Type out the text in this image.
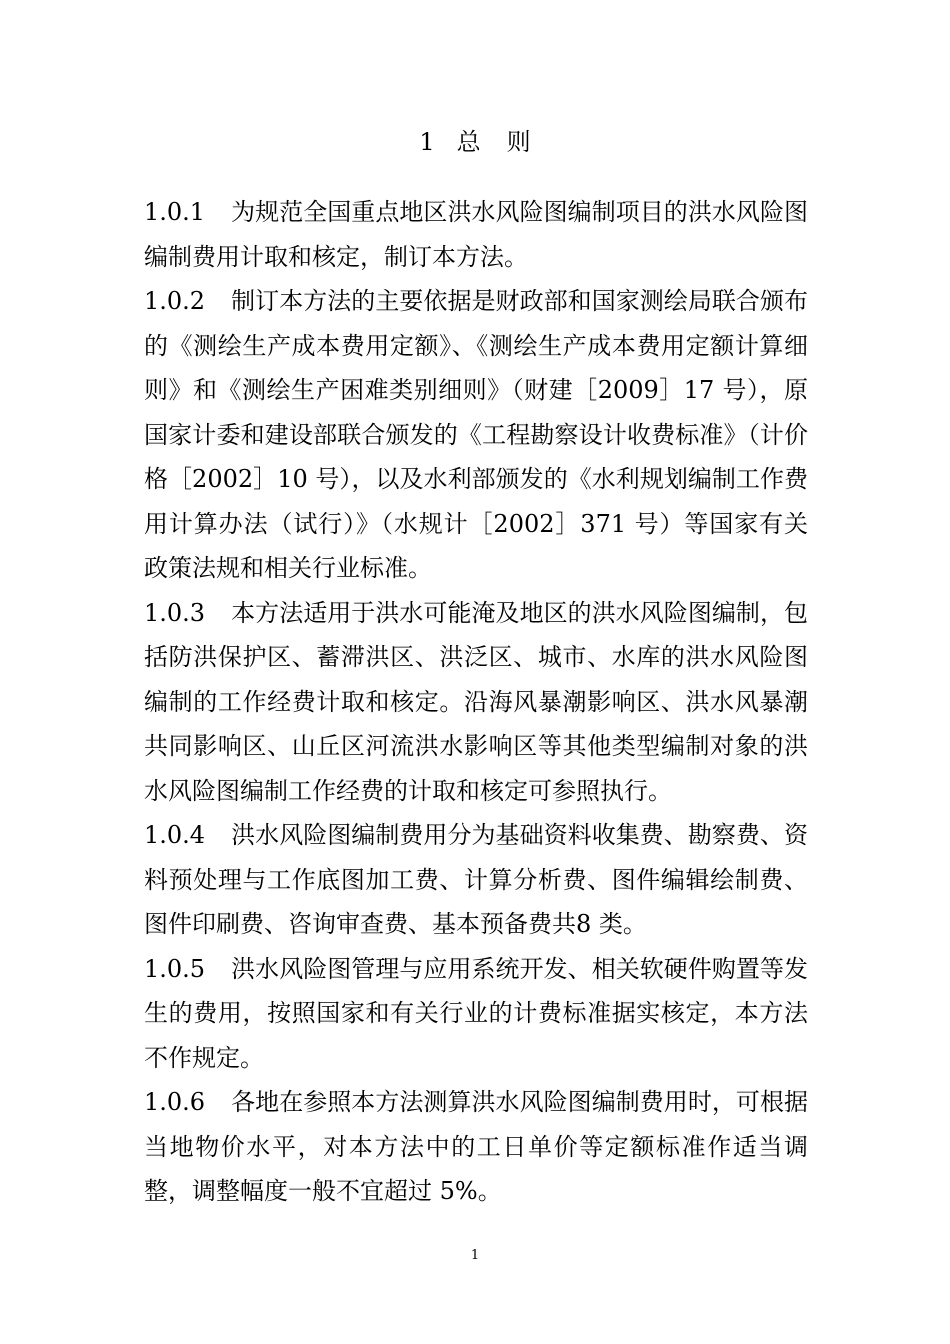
1 总 则

1.0.1 为规范全国重点地区洪水风险图编制项目的洪水风险图编制费用计取和核定，制订本方法。

1.0.2 制订本方法的主要依据是财政部和国家测绘局联合颁布的《测绘生产成本费用定额》、《测绘生产成本费用定额计算细则》和《测绘生产困难类别细则》（财建［2009］17 号），原国家计委和建设部联合颁发的《工程勘察设计收费标准》（计价格［2002］10 号），以及水利部颁发的《水利规划编制工作费用计算办法（试行）》（水规计［2002］371 号）等国家有关政策法规和相关行业标准。

1.0.3 本方法适用于洪水可能淹及地区的洪水风险图编制，包括防洪保护区、蓄滞洪区、洪泛区、城市、水库的洪水风险图编制的工作经费计取和核定。沿海风暴潮影响区、洪水风暴潮共同影响区、山丘区河流洪水影响区等其他类型编制对象的洪水风险图编制工作经费的计取和核定可参照执行。

1.0.4 洪水风险图编制费用分为基础资料收集费、勘察费、资料预处理与工作底图加工费、计算分析费、图件编辑绘制费、图件印刷费、咨询审查费、基本预备费共8 类。

1.0.5 洪水风险图管理与应用系统开发、相关软硬件购置等发生的费用，按照国家和有关行业的计费标准据实核定，本方法不作规定。

1.0.6 各地在参照本方法测算洪水风险图编制费用时，可根据当地物价水平，对本方法中的工日单价等定额标准作适当调整，调整幅度一般不宜超过 5%。

1
